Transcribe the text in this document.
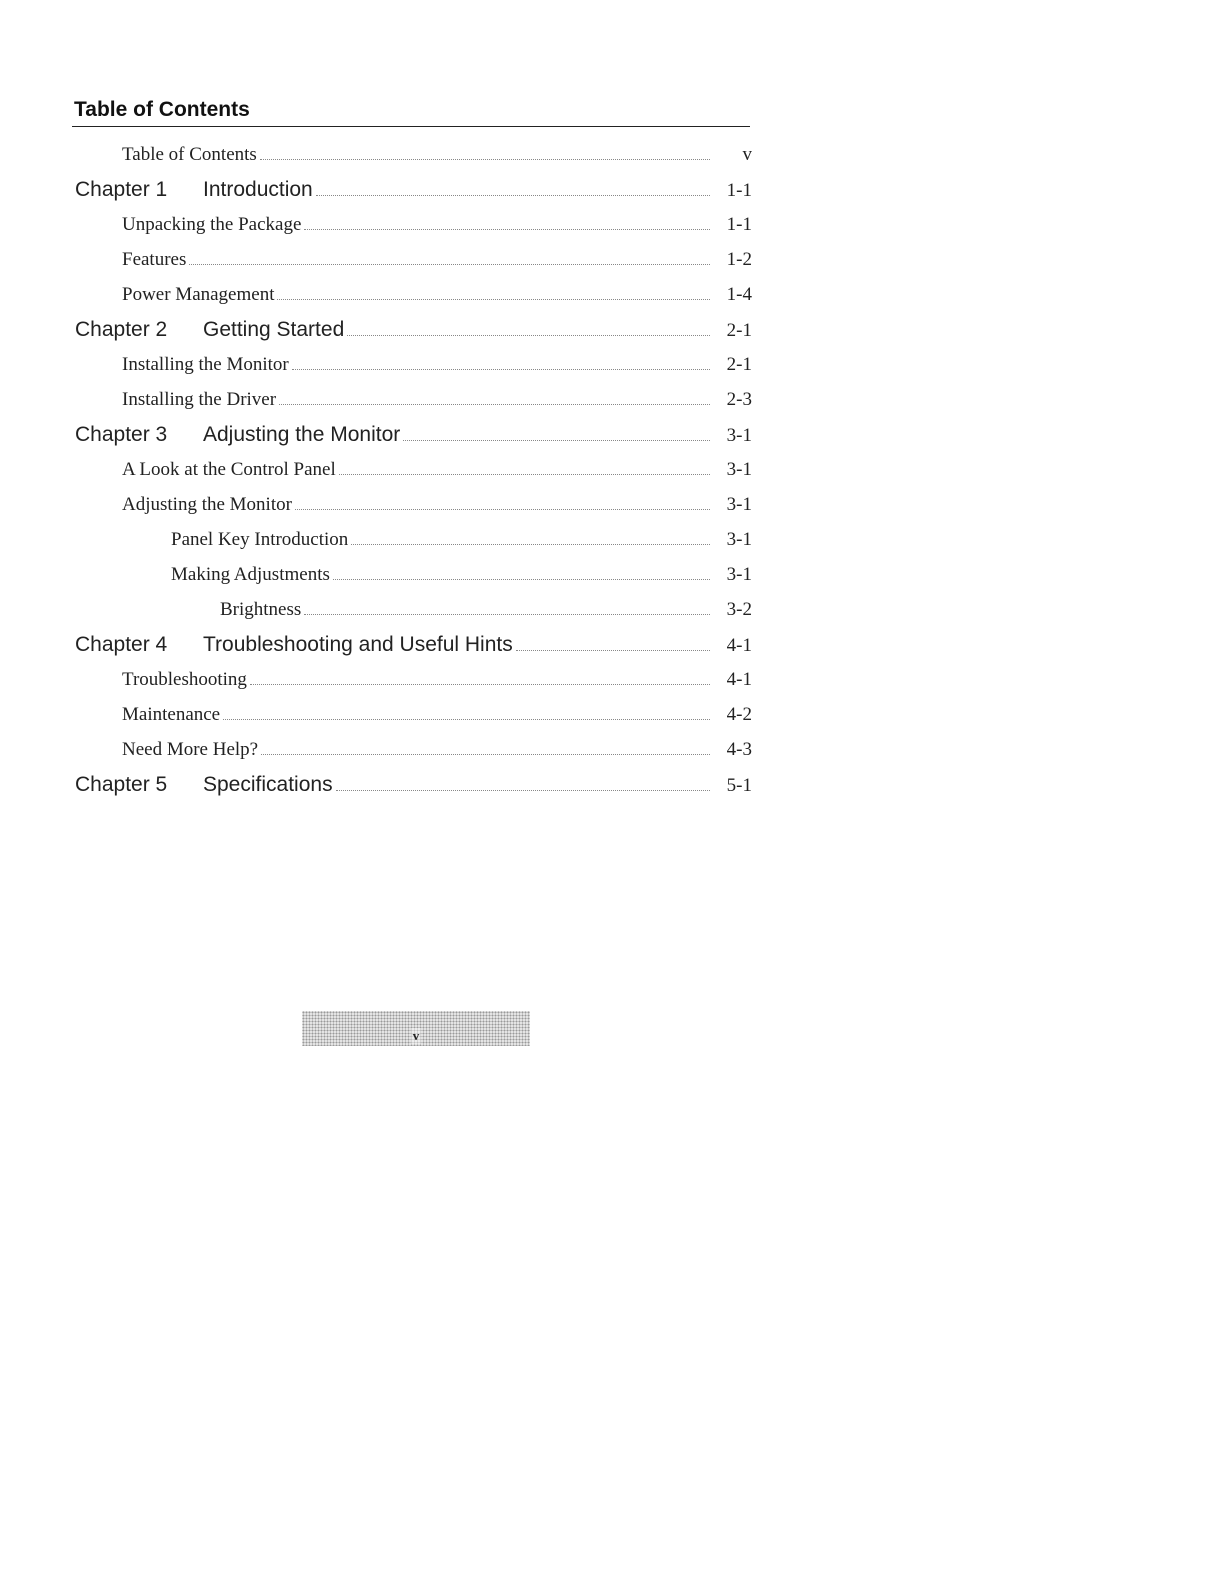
Table of Contents
Table of Contents	v
Chapter 1	Introduction	1-1
Unpacking the Package	1-1
Features	1-2
Power Management	1-4
Chapter 2	Getting Started	2-1
Installing the Monitor	2-1
Installing the Driver	2-3
Chapter 3	Adjusting the Monitor	3-1
A Look at the Control Panel	3-1
Adjusting the Monitor	3-1
Panel Key Introduction	3-1
Making Adjustments	3-1
Brightness	3-2
Chapter 4	Troubleshooting and Useful Hints	4-1
Troubleshooting	4-1
Maintenance	4-2
Need More Help?	4-3
Chapter 5	Specifications	5-1
v
